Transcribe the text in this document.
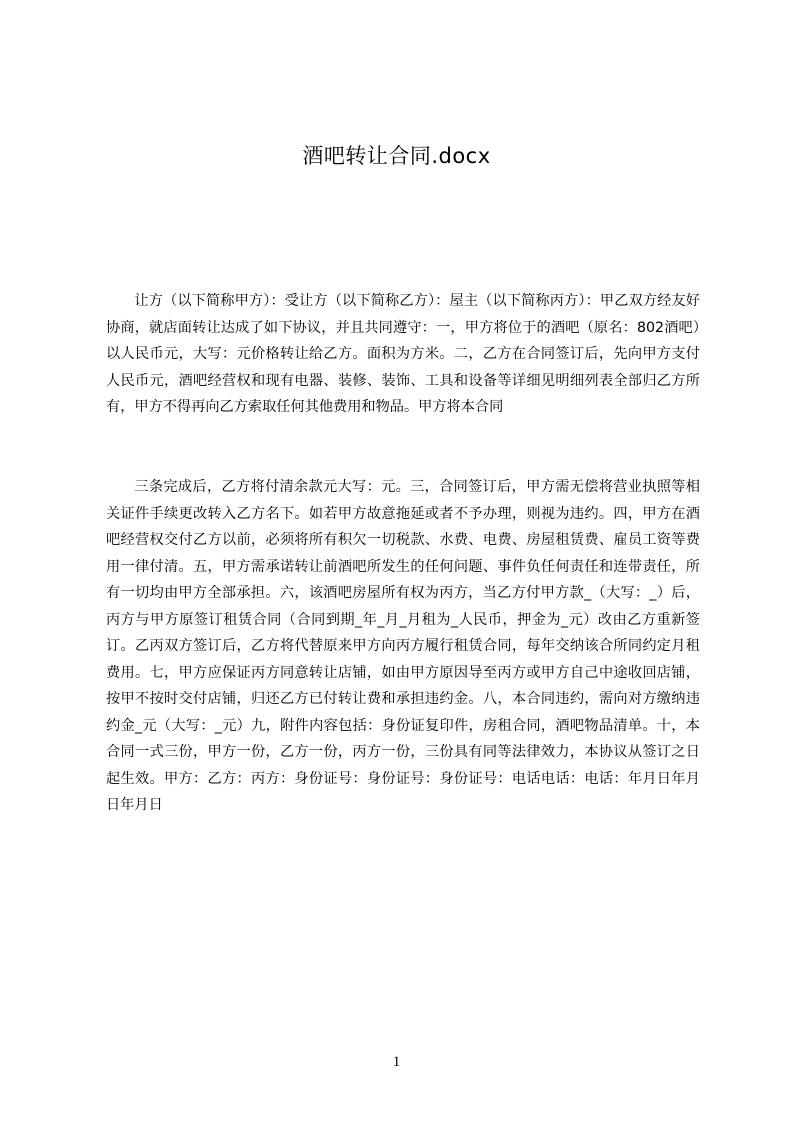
酒吧转让合同.docx

让方（以下简称甲方）：受让方（以下简称乙方）：屋主（以下简称丙方）：甲乙双方经友好协商，就店面转让达成了如下协议，并且共同遵守：一，甲方将位于的酒吧（原名：802酒吧）以人民币元，大写：元价格转让给乙方。面积为方米。二，乙方在合同签订后，先向甲方支付人民币元，酒吧经营权和现有电器、装修、装饰、工具和设备等详细见明细列表全部归乙方所有，甲方不得再向乙方索取任何其他费用和物品。甲方将本合同

三条完成后，乙方将付清余款元大写：元。三，合同签订后，甲方需无偿将营业执照等相关证件手续更改转入乙方名下。如若甲方故意拖延或者不予办理，则视为违约。四，甲方在酒吧经营权交付乙方以前，必须将所有积欠一切税款、水费、电费、房屋租赁费、雇员工资等费用一律付清。五，甲方需承诺转让前酒吧所发生的任何问题、事件负任何责任和连带责任，所有一切均由甲方全部承担。六，该酒吧房屋所有权为丙方，当乙方付甲方款_（大写：_）后，丙方与甲方原签订租赁合同（合同到期_年_月_月租为_人民币，押金为_元）改由乙方重新签订。乙丙双方签订后，乙方将代替原来甲方向丙方履行租赁合同，每年交纳该合所同约定月租费用。七，甲方应保证丙方同意转让店铺，如由甲方原因导至丙方或甲方自己中途收回店铺，按甲不按时交付店铺，归还乙方已付转让费和承担违约金。八，本合同违约，需向对方缴纳违约金_元（大写：_元）九，附件内容包括：身份证复印件，房租合同，酒吧物品清单。十，本合同一式三份，甲方一份，乙方一份，丙方一份，三份具有同等法律效力，本协议从签订之日起生效。甲方：乙方：丙方：身份证号：身份证号：身份证号：电话电话：电话：年月日年月日年月日

1
